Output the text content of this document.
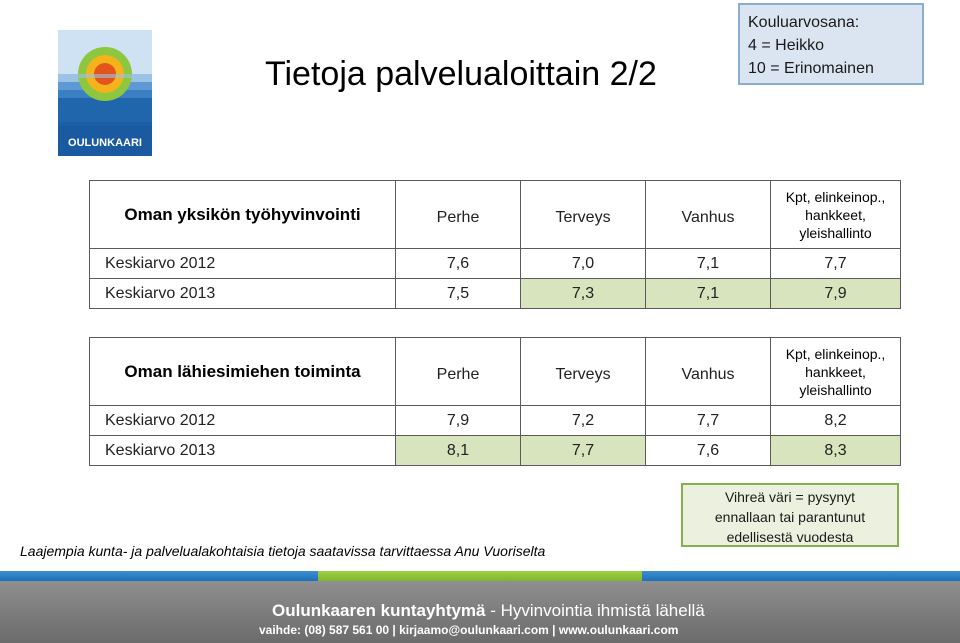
OULUNKAARI
Tietoja palvelualoittain 2/2
Kouluarvosana:
4 = Heikko
10 = Erinomainen
Oman yksikön työhyvinvointi	Perhe	Terveys	Vanhus	Kpt, elinkeinop.,
hankkeet,
yleishallinto

Keskiarvo 2012	7,6	7,0	7,1	7,7
Keskiarvo 2013	7,5	7,3	7,1	7,9
Oman lähiesimiehen toiminta	Perhe	Terveys	Vanhus	Kpt, elinkeinop.,
hankkeet,
yleishallinto

Keskiarvo 2012	7,9	7,2	7,7	8,2
Keskiarvo 2013	8,1	7,7	7,6	8,3
Laajempia kunta- ja palvelualakohtaisia tietoja saatavissa tarvittaessa Anu Vuoriselta
Vihreä väri = pysynyt
ennallaan tai parantunut
edellisestä vuodesta
Oulunkaaren kuntayhtymä - Hyvinvointia ihmistä lähellä
vaihde: (08) 587 561 00 | kirjaamo@oulunkaari.com | www.oulunkaari.com
